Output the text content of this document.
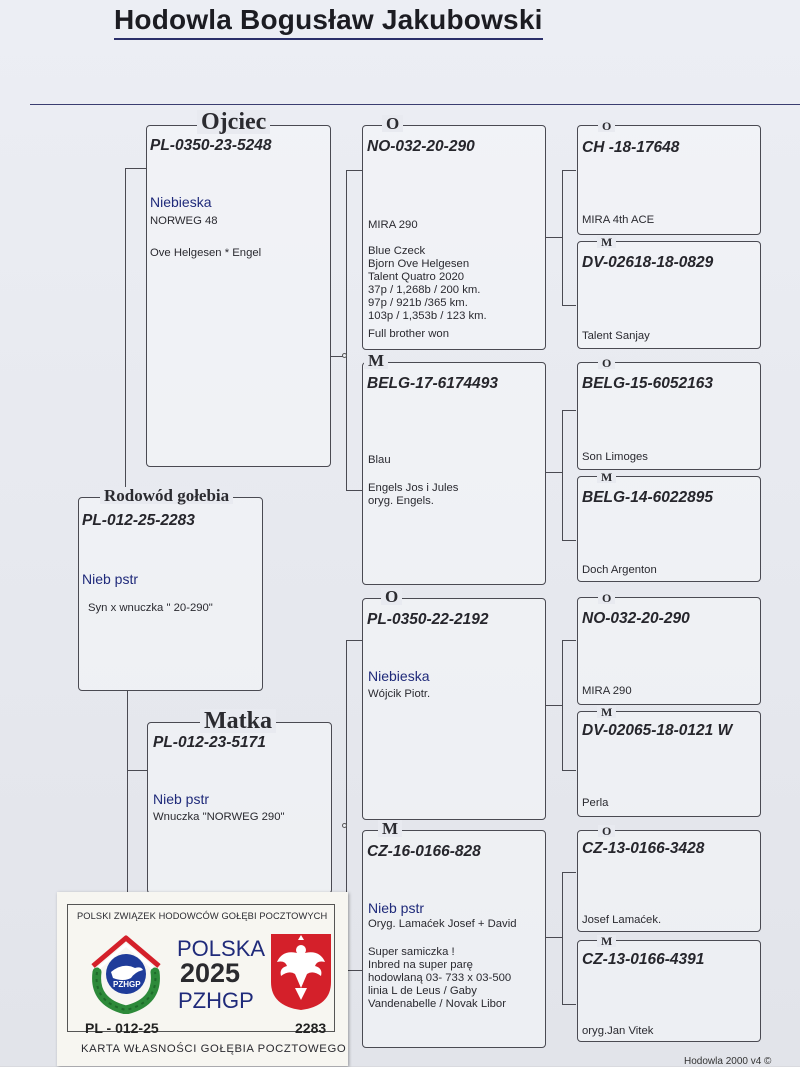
Hodowla Bogusław Jakubowski
Rodowód gołebia
PL-012-25-2283
Nieb pstr
Syn x wnuczka " 20-290"
Ojciec
PL-0350-23-5248
Niebieska
NORWEG 48
Ove Helgesen * Engel
Matka
PL-012-23-5171
Nieb pstr
Wnuczka "NORWEG 290"
O
NO-032-20-290
MIRA 290
Blue Czeck
Bjorn Ove Helgesen
Talent Quatro 2020
37p / 1,268b / 200 km.
97p / 921b /365 km.
103p / 1,353b / 123 km.
Full brother won
M
BELG-17-6174493
Blau
Engels Jos i Jules
oryg. Engels.
O
PL-0350-22-2192
Niebieska
Wójcik Piotr.
M
CZ-16-0166-828
Nieb pstr
Oryg. Lamaćek Josef + David
Super samiczka !
Inbred na super parę
hodowlaną 03- 733 x 03-500
linia L de Leus / Gaby
Vandenabelle / Novak Libor
O
CH -18-17648
MIRA 4th ACE
M
DV-02618-18-0829
Talent Sanjay
O
BELG-15-6052163
Son Limoges
M
BELG-14-6022895
Doch Argenton
O
NO-032-20-290
MIRA 290
M
DV-02065-18-0121 W
Perla
O
CZ-13-0166-3428
Josef Lamaćek.
M
CZ-13-0166-4391
oryg.Jan Vitek
Hodowla 2000 v4 ©
POLSKI ZWIĄZEK HODOWCÓW GOŁĘBI POCZTOWYCH
PZHGP
POLSKA
2025
PZHGP
PL - 012-25	2283
KARTA WŁASNOŚCI GOŁĘBIA POCZTOWEGO
